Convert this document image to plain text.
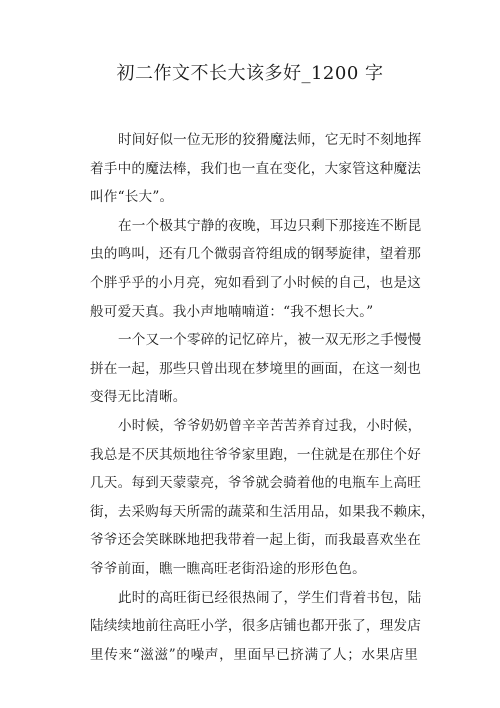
初二作文不长大该多好_1200 字
时间好似一位无形的狡猾魔法师，它无时不刻地挥
着手中的魔法棒，我们也一直在变化，大家管这种魔法
叫作“长大”。
在一个极其宁静的夜晚，耳边只剩下那接连不断昆
虫的鸣叫，还有几个微弱音符组成的钢琴旋律，望着那
个胖乎乎的小月亮，宛如看到了小时候的自己，也是这
般可爱天真。我小声地喃喃道：“我不想长大。”
一个又一个零碎的记忆碎片，被一双无形之手慢慢
拼在一起，那些只曾出现在梦境里的画面，在这一刻也
变得无比清晰。
小时候，爷爷奶奶曾辛辛苦苦养育过我，小时候，
我总是不厌其烦地往爷爷家里跑，一住就是在那住个好
几天。每到天蒙蒙亮，爷爷就会骑着他的电瓶车上高旺
街，去采购每天所需的蔬菜和生活用品，如果我不赖床，
爷爷还会笑眯眯地把我带着一起上街，而我最喜欢坐在
爷爷前面，瞧一瞧高旺老街沿途的形形色色。
此时的高旺街已经很热闹了，学生们背着书包，陆
陆续续地前往高旺小学，很多店铺也都开张了，理发店
里传来“滋滋”的噪声，里面早已挤满了人；水果店里
